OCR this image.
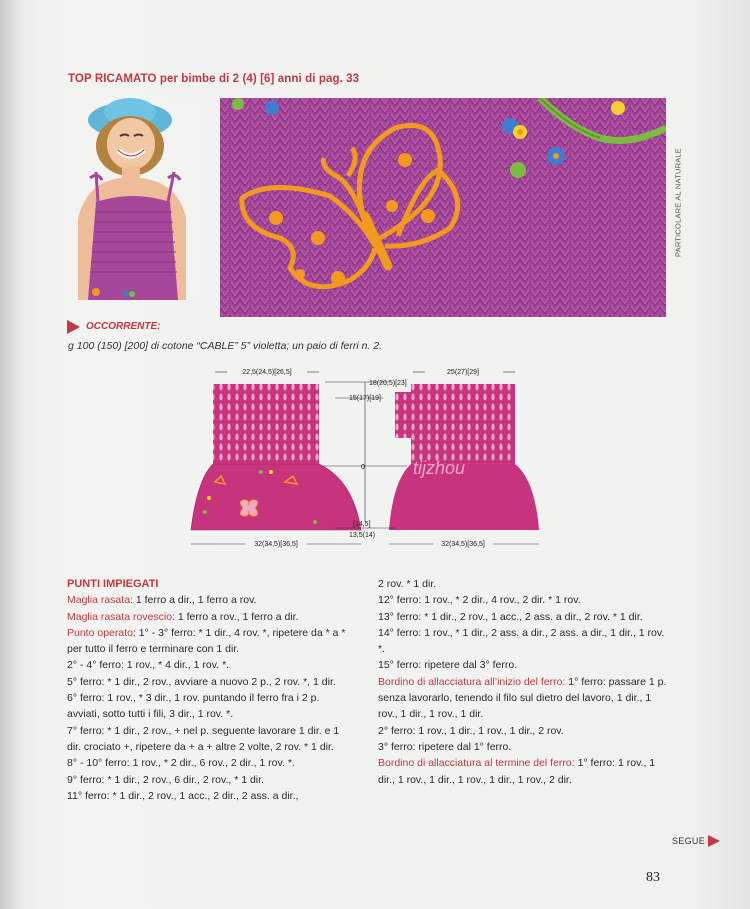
TOP RICAMATO per bimbe di 2 (4) [6] anni di pag. 33
PARTICOLARE AL NATURALE
OCCORRENTE:
g 100 (150) [200] di cotone “CABLE” 5” violetta; un paio di ferri n. 2.
22,5(24,5)[26,5]	25(27)[29]
18(20,5)[23]
15(17)[19]
0
[14,5]
13,5(14)
32(34,5)[36,5]	32(34,5)[36,5]
tijzhou

PUNTI IMPIEGATI

Maglia rasata: 1 ferro a dir., 1 ferro a rov.

Maglia rasata rovescio: 1 ferro a rov., 1 ferro a dir.

Punto operato: 1° - 3° ferro: * 1 dir., 4 rov. *, ripetere da * a * per tutto il ferro e terminare con 1 dir.

2° - 4° ferro: 1 rov., * 4 dir., 1 rov. *.

5° ferro: * 1 dir., 2 rov., avviare a nuovo 2 p., 2 rov. *, 1 dir.

6° ferro: 1 rov., * 3 dir., 1 rov. puntando il ferro fra i 2 p. avviati, sotto tutti i fili, 3 dir., 1 rov. *.

7° ferro: * 1 dir., 2 rov., + nel p. seguente lavorare 1 dir. e 1 dir. crociato +, ripetere da + a + altre 2 volte, 2 rov. * 1 dir.

8° - 10° ferro: 1 rov., * 2 dir., 6 rov., 2 dir., 1 rov. *.

9° ferro: * 1 dir., 2 rov., 6 dir., 2 rov., * 1 dir.

11° ferro: * 1 dir., 2 rov., 1 acc., 2 dir., 2 ass. a dir.,

2 rov. * 1 dir.

12° ferro: 1 rov., * 2 dir., 4 rov., 2 dir. * 1 rov.

13° ferro: * 1 dir., 2 rov., 1 acc., 2 ass. a dir., 2 rov. * 1 dir.

14° ferro: 1 rov., * 1 dir., 2 ass. a dir., 2 ass. a dir., 1 dir., 1 rov. *.

15° ferro: ripetere dal 3° ferro.

Bordino di allacciatura all’inizio del ferro: 1° ferro: passare 1 p. senza lavorarlo, tenendo il filo sul dietro del lavoro, 1 dir., 1 rov., 1 dir., 1 rov., 1 dir.

2° ferro: 1 rov., 1 dir., 1 rov., 1 dir., 2 rov.

3° ferro: ripetere dal 1° ferro.

Bordino di allacciatura al termine del ferro: 1° ferro: 1 rov., 1 dir., 1 rov., 1 dir., 1 rov., 1 dir., 1 rov., 2 dir.

SEGUE
83
